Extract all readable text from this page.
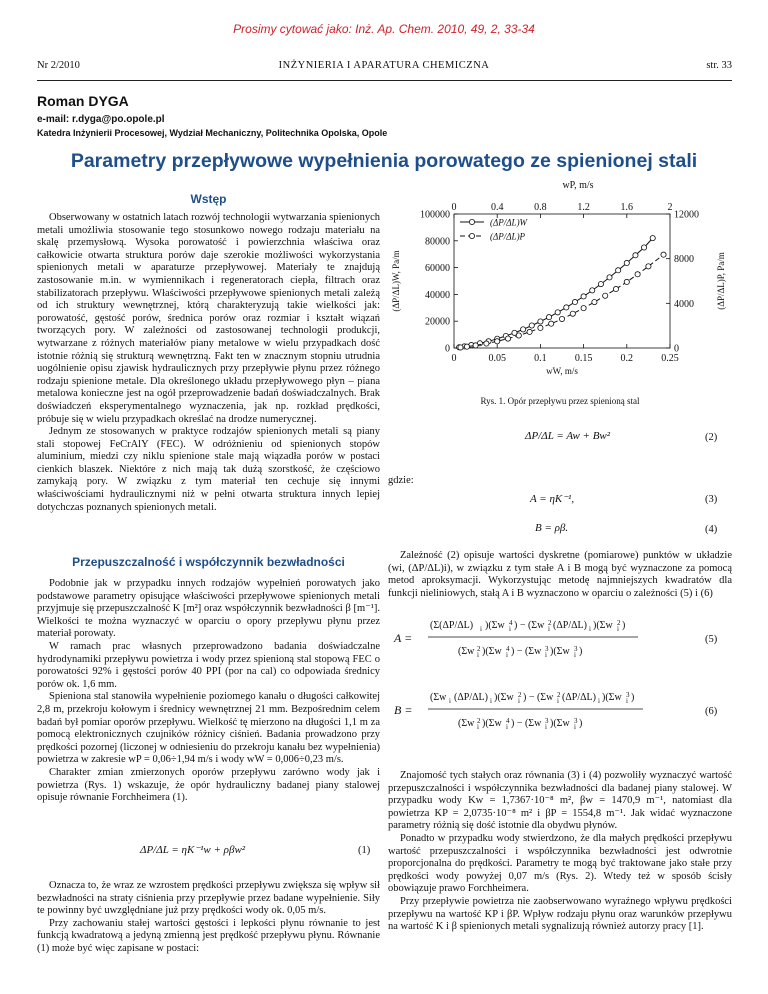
Prosimy cytować jako: Inż. Ap. Chem. 2010, 49, 2, 33-34
Nr 2/2010	INŻYNIERIA I APARATURA CHEMICZNA	str. 33
Roman DYGA
e-mail: r.dyga@po.opole.pl
Katedra Inżynierii Procesowej, Wydział Mechaniczny, Politechnika Opolska, Opole
Parametry przepływowe wypełnienia porowatego ze spienionej stali
Wstęp

Obserwowany w ostatnich latach rozwój technologii wytwarzania spienionych metali umożliwia stosowanie tego stosunkowo nowego rodzaju materiału na skalę przemysłową. Wysoka porowatość i powierzchnia właściwa oraz całkowicie otwarta struktura porów daje szerokie możliwości wykorzystania spienionych metali w aparaturze przepływowej. Materiały te znajdują zastosowanie m.in. w wymiennikach i regeneratorach ciepła, filtrach oraz stabilizatorach przepływu. Właściwości przepływowe spienionych metali zależą od ich struktury wewnętrznej, którą charakteryzują takie wielkości jak: porowatość, gęstość porów, średnica porów oraz rozmiar i kształt wiązań tworzących pory. W zależności od zastosowanej technologii produkcji, wytwarzane z różnych materiałów piany metalowe w wielu przypadkach dość istotnie różnią się strukturą wewnętrzną. Fakt ten w znacznym stopniu utrudnia uogólnienie opisu zjawisk hydraulicznych przy przepływie płynu przez różnego rodzaju spienione metale. Dla określonego układu przepływowego płyn – piana metalowa konieczne jest na ogół przeprowadzenie badań doświadczalnych. Brak doświadczeń eksperymentalnego wyznaczenia, jak np. rozkład prędkości, próbuje się w wielu przypadkach określać na drodze numerycznej.

Jednym ze stosowanych w praktyce rodzajów spienionych metali są piany stali stopowej FeCrAlY (FEC). W odróżnieniu od spienionych stopów aluminium, miedzi czy niklu spienione stale mają wiązadła porów w postaci cienkich blaszek. Niektóre z nich mają tak dużą szorstkość, że częściowo zamykają pory. W związku z tym materiał ten cechuje się innymi właściwościami hydraulicznymi niż w pełni otwarta struktura innych lepiej dotychczas poznanych spienionych metali.

Przepuszczalność i współczynnik bezwładności

Podobnie jak w przypadku innych rodzajów wypełnień porowatych jako podstawowe parametry opisujące właściwości przepływowe spienionych metali przyjmuje się przepuszczalność K [m²] oraz współczynnik bezwładności β [m⁻¹]. Wielkości te można wyznaczyć w oparciu o opory przepływu płynu przez materiał porowaty.

W ramach prac własnych przeprowadzono badania doświadczalne hydrodynamiki przepływu powietrza i wody przez spienioną stal stopową FEC o porowatości 92% i gęstości porów 40 PPI (por na cal) co odpowiada średnicy porów ok. 1,6 mm.

Spieniona stal stanowiła wypełnienie poziomego kanału o długości całkowitej 2,8 m, przekroju kołowym i średnicy wewnętrznej 21 mm. Bezpośrednim celem badań był pomiar oporów przepływu. Wielkość tę mierzono na długości 1,1 m za pomocą elektronicznych czujników różnicy ciśnień. Badania prowadzono przy prędkości pozornej (liczonej w odniesieniu do przekroju kanału bez wypełnienia) powietrza w zakresie wP = 0,06÷1,94 m/s i wody wW = 0,006÷0,23 m/s.

Charakter zmian zmierzonych oporów przepływu zarówno wody jak i powietrza (Rys. 1) wskazuje, że opór hydrauliczny badanej piany stalowej opisuje równanie Forchheimera (1).

ΔP/ΔL = ηK⁻¹w + ρβw²	(1)

Oznacza to, że wraz ze wzrostem prędkości przepływu zwiększa się wpływ sił bezwładności na straty ciśnienia przy przepływie przez badane wypełnienie. Siły te powinny być uwzględniane już przy prędkości wody ok. 0,05 m/s.

Przy zachowaniu stałej wartości gęstości i lepkości płynu równanie to jest funkcją kwadratową a jedyną zmienną jest prędkość przepływu płynu. Równanie (1) może być więc zapisane w postaci:

0	0.05	0.1	0.15	0.2	0.25
0	0.4	0.8	1.2	1.6	2
0
20000
40000
60000
80000
100000
0
4000
8000
12000
wW, m/s
wP, m/s
(ΔP/ΔL)W, Pa/m	(ΔP/ΔL)P, Pa/m
(ΔP/ΔL)W
(ΔP/ΔL)P
Rys. 1. Opór przepływu przez spienioną stal
ΔP/ΔL = Aw + Bw²	(2)
gdzie:
A = ηK⁻¹,	(3)
B = ρβ.	(4)

Zależność (2) opisuje wartości dyskretne (pomiarowe) punktów w układzie (wi, (ΔP/ΔL)i), w związku z tym stałe A i B mogą być wyznaczone za pomocą metod aproksymacji. Wykorzystując metodę najmniejszych kwadratów dla funkcji nieliniowych, stałą A i B wyznaczono w oparciu o zależności (5) i (6)

A =
(Σ(ΔP/ΔL) i )(Σw 4
i ) − (Σw 2
i (ΔP/ΔL) i )(Σw 2
i )
(Σw 2
i )(Σw 4
i ) − (Σw 3
i )(Σw 3
i )
(5)
B =
(Σw i (ΔP/ΔL) i )(Σw 2
i ) − (Σw 2
i (ΔP/ΔL) i )(Σw 3
i )
(Σw 2
i )(Σw 4
i ) − (Σw 3
i )(Σw 3
i )
(6)

Znajomość tych stałych oraz równania (3) i (4) pozwoliły wyznaczyć wartość przepuszczalności i współczynnika bezwładności dla badanej piany stalowej. W przypadku wody Kw = 1,7367·10⁻⁸ m², βw = 1470,9 m⁻¹, natomiast dla powietrza KP = 2,0735·10⁻⁸ m² i βP = 1554,8 m⁻¹. Jak widać wyznaczone parametry różnią się dość istotnie dla obydwu płynów.

Ponadto w przypadku wody stwierdzono, że dla małych prędkości przepływu wartość przepuszczalności i współczynnika bezwładności jest odwrotnie proporcjonalna do prędkości. Parametry te mogą być traktowane jako stałe przy prędkości wody powyżej 0,07 m/s (Rys. 2). Wtedy też w sposób ścisły obowiązuje prawo Forchheimera.

Przy przepływie powietrza nie zaobserwowano wyraźnego wpływu prędkości przepływu na wartość KP i βP. Wpływ rodzaju płynu oraz warunków przepływu na wartość K i β spienionych metali sygnalizują również autorzy pracy [1].
